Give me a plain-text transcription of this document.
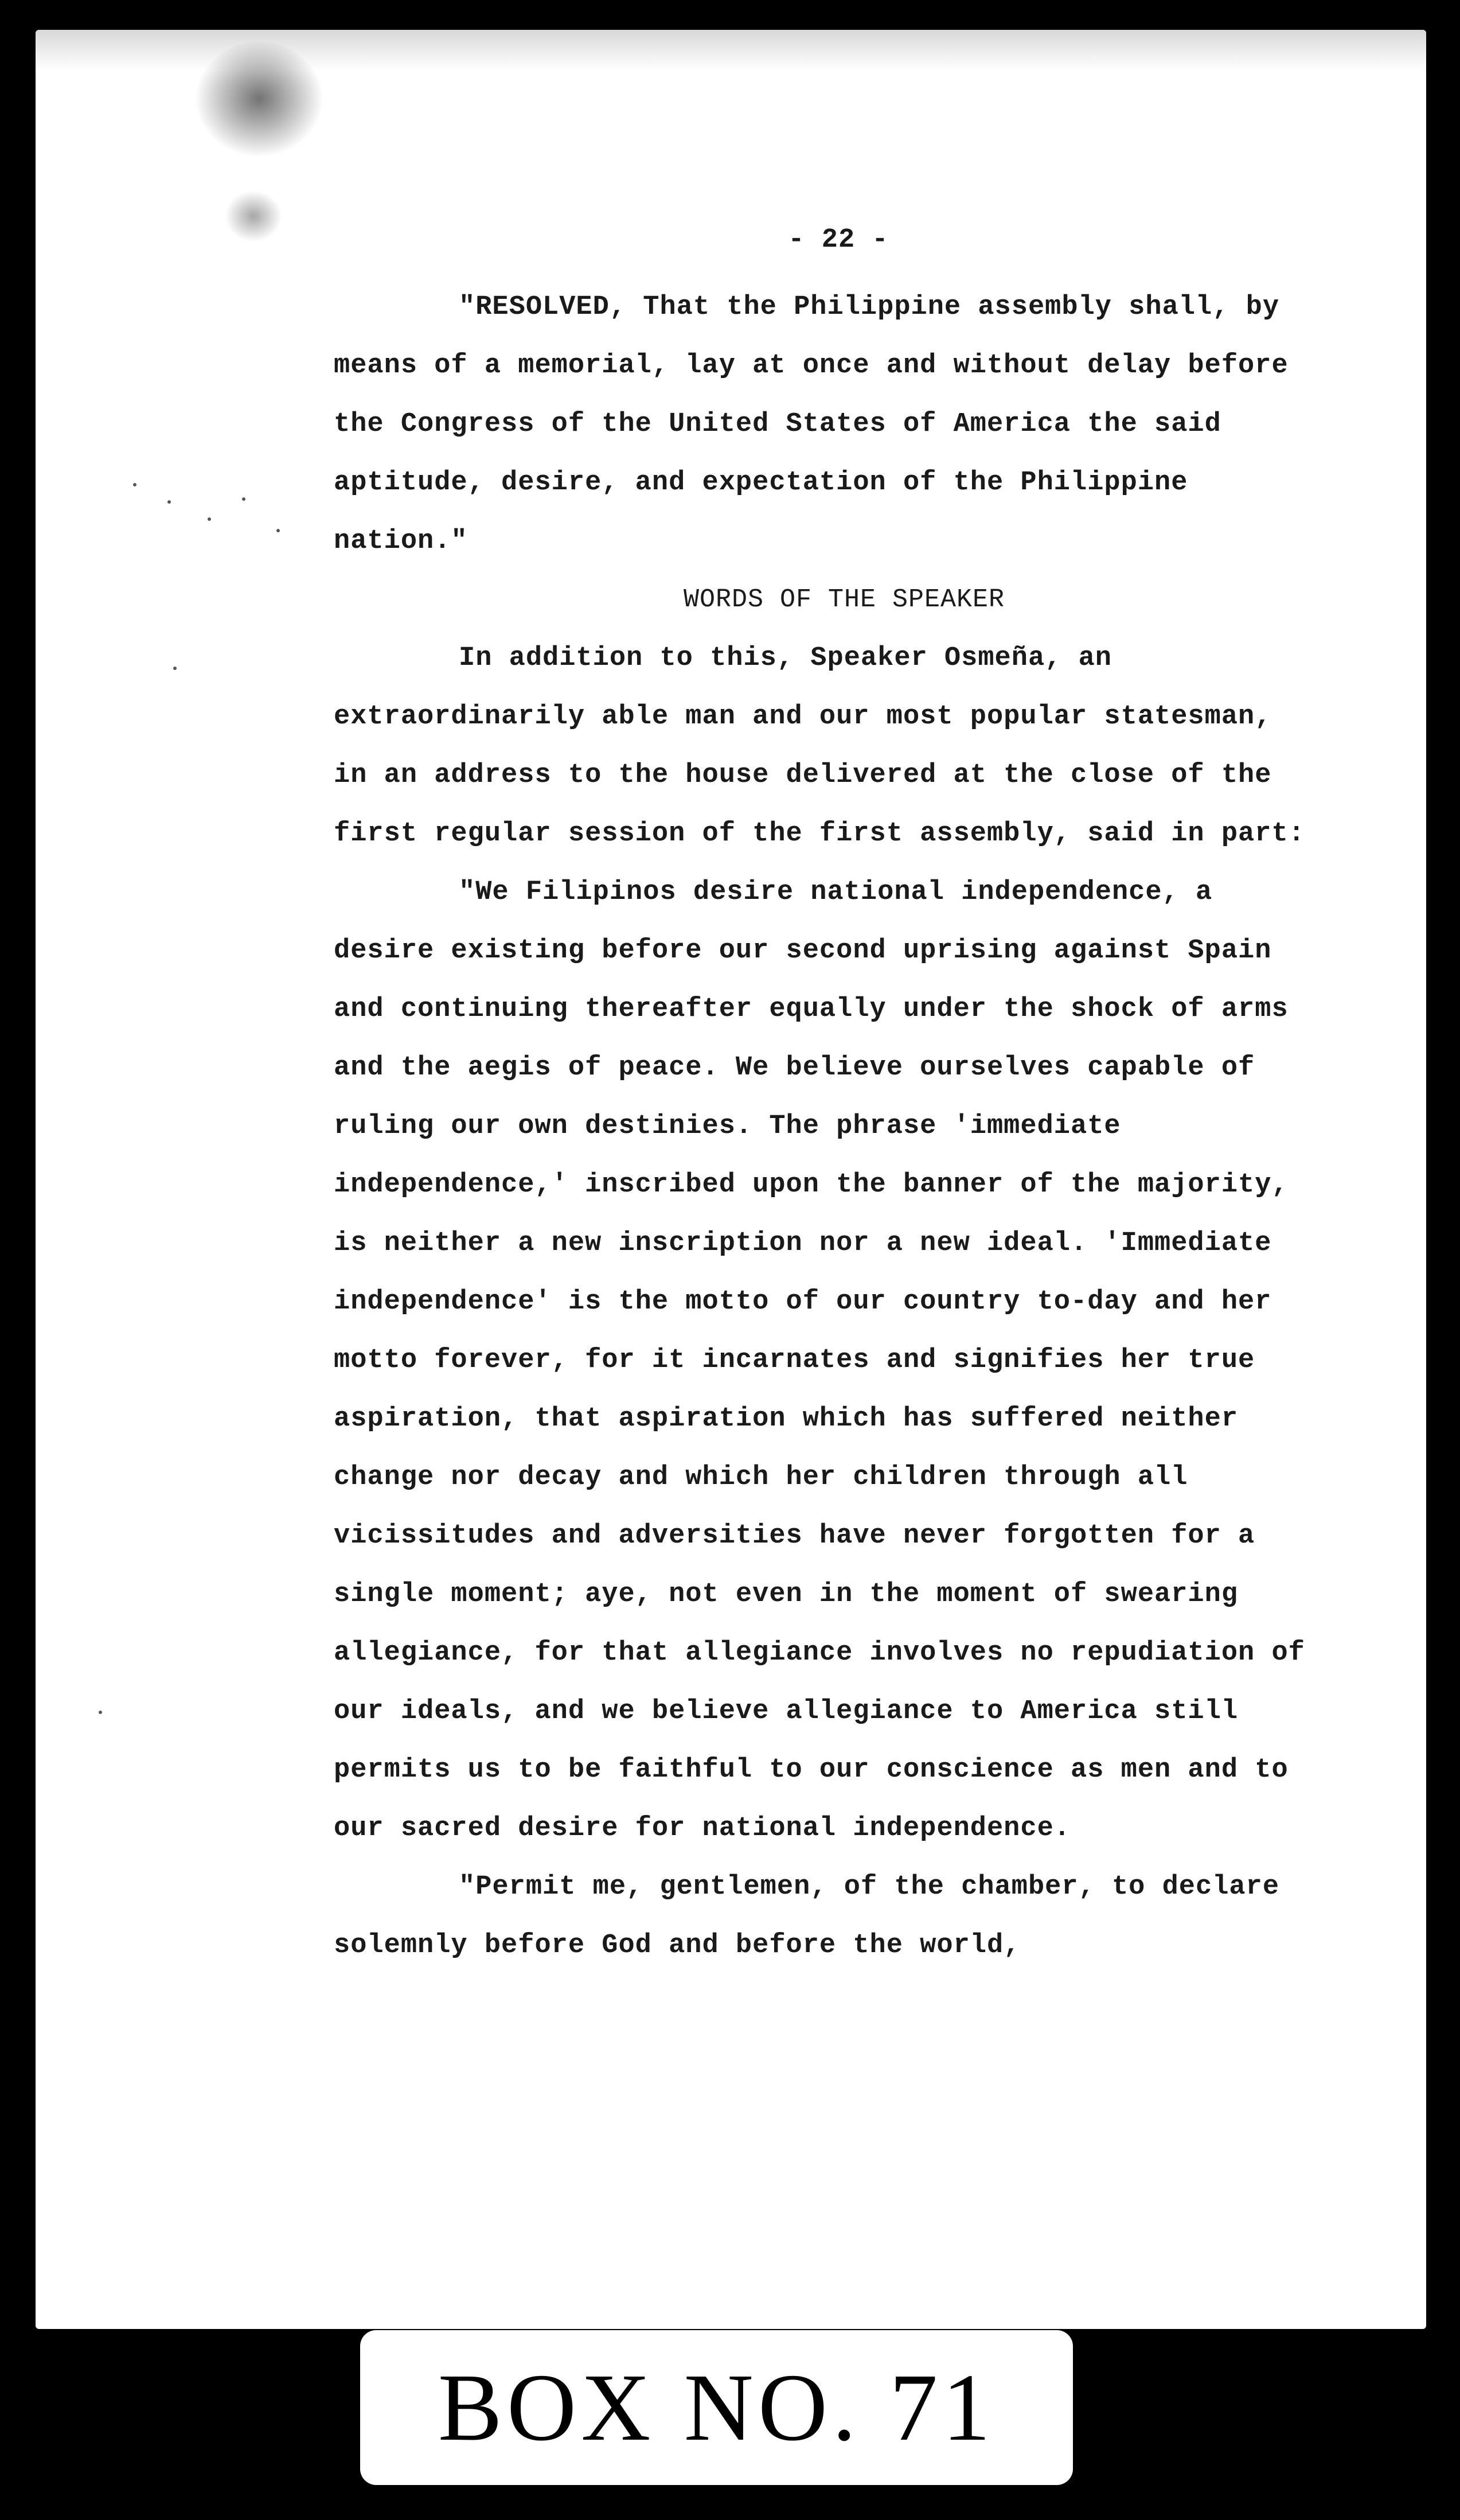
- 22 -

"RESOLVED, That the Philippine assembly shall, by means of a memorial, lay at once and without delay before the Congress of the United States of America the said aptitude, desire, and expectation of the Philippine nation."

WORDS OF THE SPEAKER

In addition to this, Speaker Osmeña, an extraordinarily able man and our most popular statesman, in an address to the house delivered at the close of the first regular session of the first assembly, said in part:

"We Filipinos desire national independence, a desire existing before our second uprising against Spain and continuing thereafter equally under the shock of arms and the aegis of peace. We believe ourselves capable of ruling our own destinies. The phrase 'immediate independence,' inscribed upon the banner of the majority, is neither a new inscription nor a new ideal. 'Immediate independence' is the motto of our country to-day and her motto forever, for it incarnates and signifies her true aspiration, that aspiration which has suffered neither change nor decay and which her children through all vicissitudes and adversities have never forgotten for a single moment; aye, not even in the moment of swearing allegiance, for that allegiance involves no repudiation of our ideals, and we believe allegiance to America still permits us to be faithful to our conscience as men and to our sacred desire for national independence.

"Permit me, gentlemen, of the chamber, to declare solemnly before God and before the world,

BOX NO. 71
